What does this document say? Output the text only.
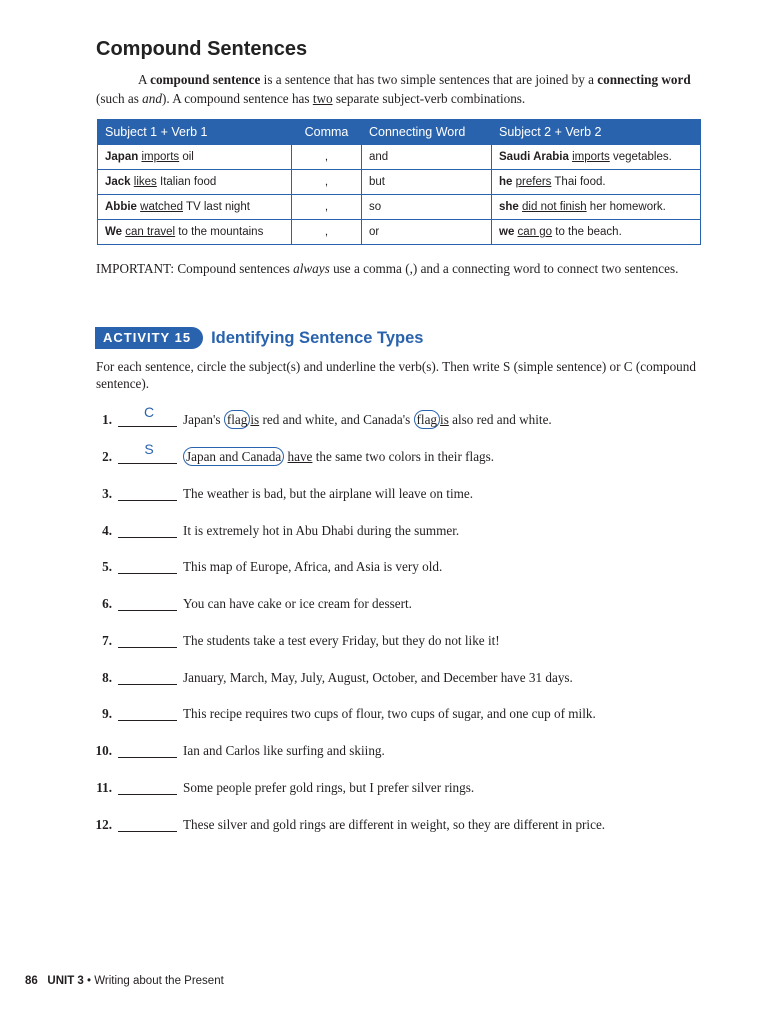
Compound Sentences

A compound sentence is a sentence that has two simple sentences that are joined by a connecting word (such as and). A compound sentence has two separate subject-verb combinations.

Subject 1 + Verb 1	Comma	Connecting Word	Subject 2 + Verb 2
Japan imports oil	,	and	Saudi Arabia imports vegetables.
Jack likes Italian food	,	but	he prefers Thai food.
Abbie watched TV last night	,	so	she did not finish her homework.
We can travel to the mountains	,	or	we can go to the beach.

IMPORTANT: Compound sentences always use a comma (,) and a connecting word to connect two sentences.

ACTIVITY 15 Identifying Sentence Types

For each sentence, circle the subject(s) and underline the verb(s). Then write S (simple sentence) or C (compound sentence).

1.	C	Japan's flag is red and white, and Canada's flag is also red and white.
2.	S	Japan and Canada have the same two colors in their flags.
3.	The weather is bad, but the airplane will leave on time.
4.	It is extremely hot in Abu Dhabi during the summer.
5.	This map of Europe, Africa, and Asia is very old.
6.	You can have cake or ice cream for dessert.
7.	The students take a test every Friday, but they do not like it!
8.	January, March, May, July, August, October, and December have 31 days.
9.	This recipe requires two cups of flour, two cups of sugar, and one cup of milk.
10.	Ian and Carlos like surfing and skiing.
11.	Some people prefer gold rings, but I prefer silver rings.
12.	These silver and gold rings are different in weight, so they are different in price.
86 UNIT 3 • Writing about the Present
